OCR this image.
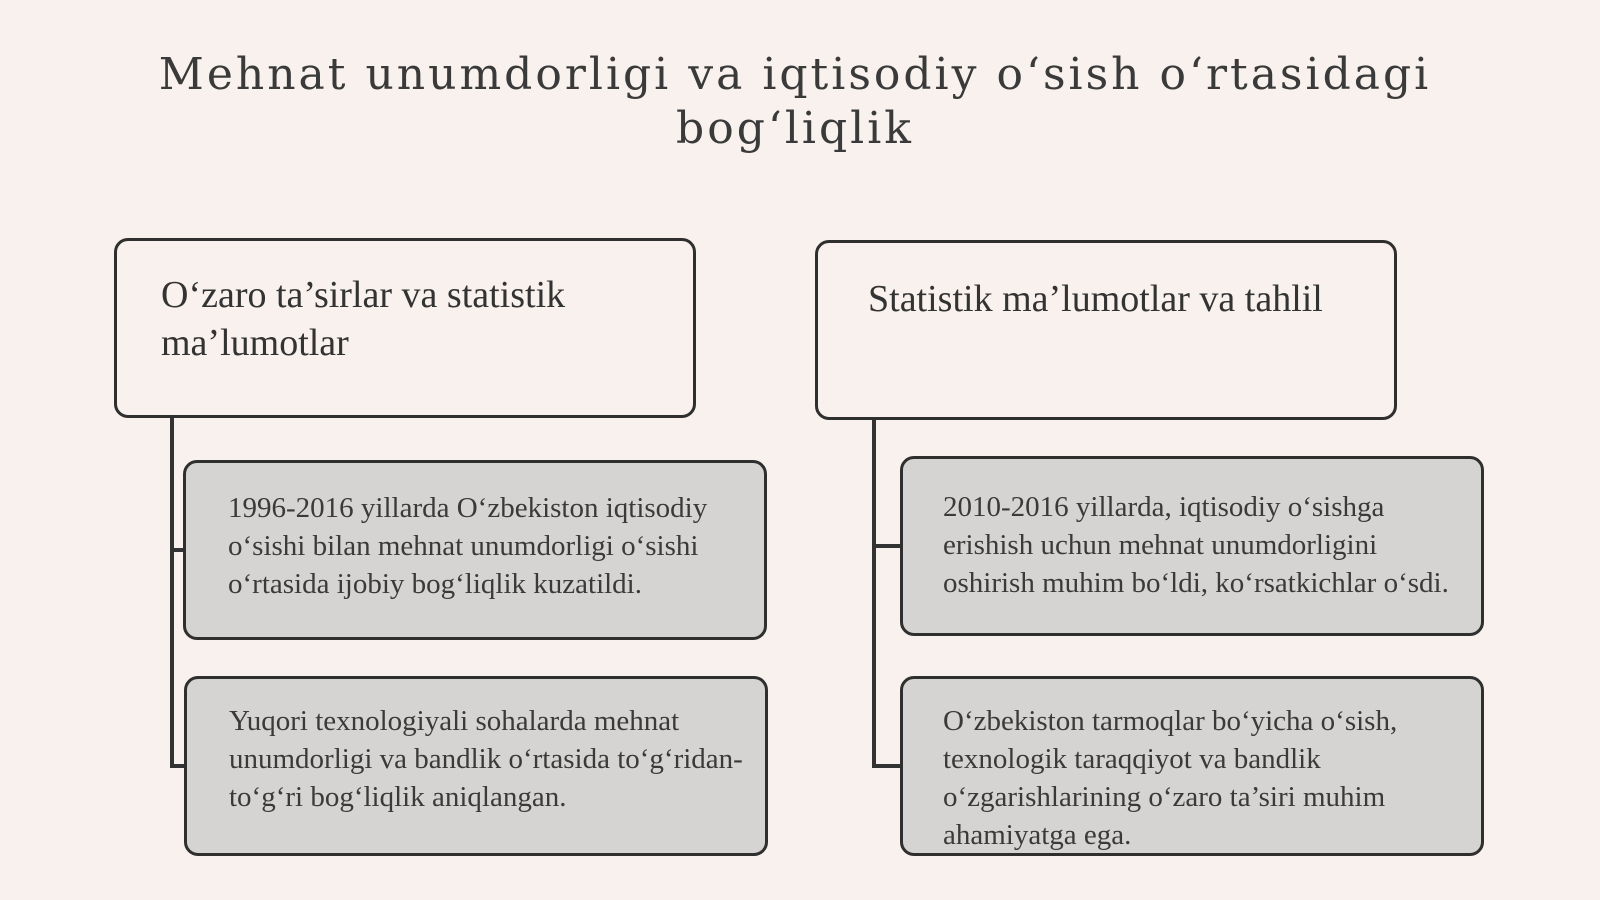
Mehnat unumdorligi va iqtisodiy o‘sish o‘rtasidagi bog‘liqlik
O‘zaro ta’sirlar va statistik ma’lumotlar
Statistik ma’lumotlar va tahlil
1996-2016 yillarda O‘zbekiston iqtisodiy o‘sishi bilan mehnat unumdorligi o‘sishi o‘rtasida ijobiy bog‘liqlik kuzatildi.
Yuqori texnologiyali sohalarda mehnat unumdorligi va bandlik o‘rtasida to‘g‘ridan-to‘g‘ri bog‘liqlik aniqlangan.
2010-2016 yillarda, iqtisodiy o‘sishga erishish uchun mehnat unumdorligini oshirish muhim bo‘ldi, ko‘rsatkichlar o‘sdi.
O‘zbekiston tarmoqlar bo‘yicha o‘sish, texnologik taraqqiyot va bandlik o‘zgarishlarining o‘zaro ta’siri muhim ahamiyatga ega.
